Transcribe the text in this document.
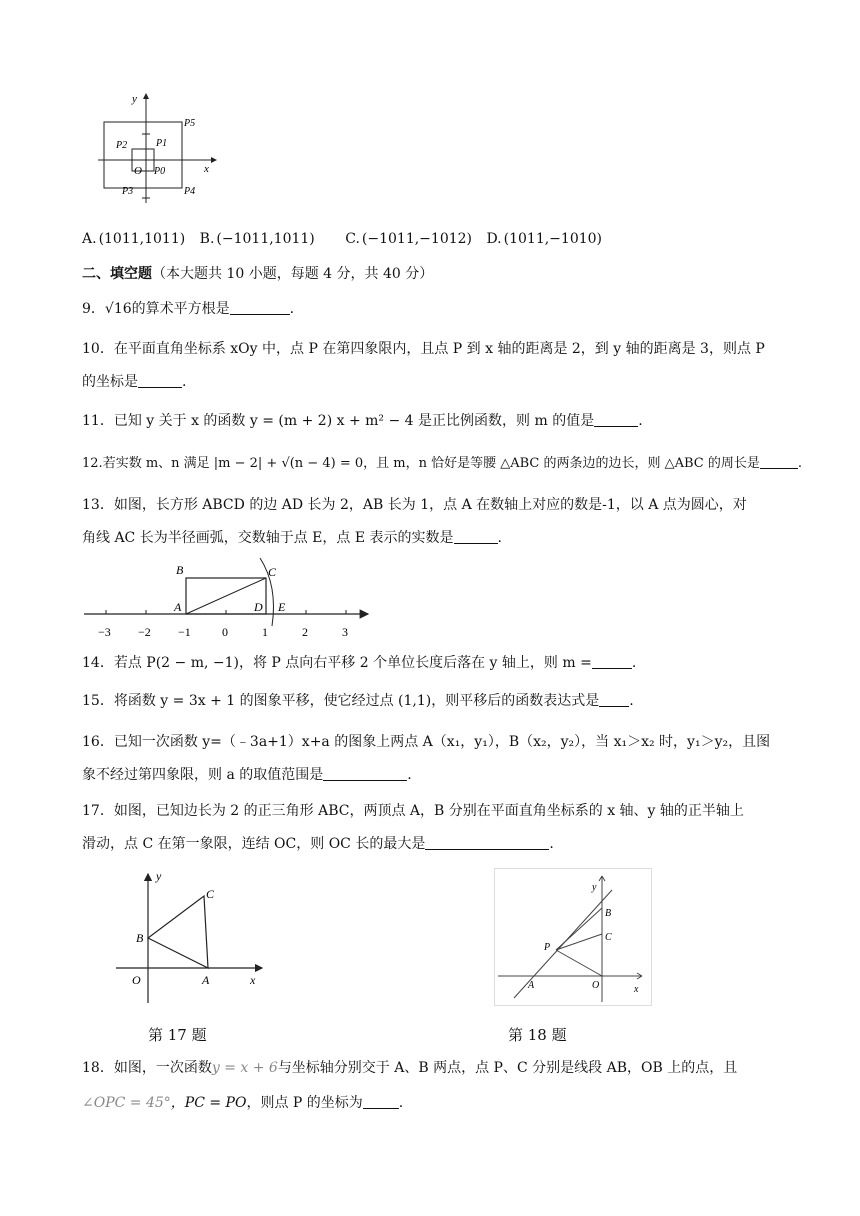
y
x
O P0
P1
P2
P3	P4
P5
A. (1011,1011) B. (−1011,1011) C. (−1011,−1012) D. (1011,−1010)
二、填空题（本大题共 10 小题，每题 4 分，共 40 分）
9．√16的算术平方根是	.
10．在平面直角坐标系 xOy 中，点 P 在第四象限内，且点 P 到 x 轴的距离是 2，到 y 轴的距离是 3，则点 P
的坐标是	.
11．已知 y 关于 x 的函数 y = (m + 2) x + m² − 4 是正比例函数，则 m 的值是	.
12.若实数 m、n 满足 |m − 2| + √(n − 4) = 0，且 m，n 恰好是等腰 △ABC 的两条边的边长，则 △ABC 的周长是	.
13．如图，长方形 ABCD 的边 AD 长为 2，AB 长为 1，点 A 在数轴上对应的数是-1，以 A 点为圆心，对
角线 AC 长为半径画弧，交数轴于点 E，点 E 表示的实数是	.
−3 −2 −1	0	1	2	3
A
B	C
D E
14．若点 P(2 − m, −1)，将 P 点向右平移 2 个单位长度后落在 y 轴上，则 m =	.
15．将函数 y = 3x + 1 的图象平移，使它经过点 (1,1)，则平移后的函数表达式是 .
16．已知一次函数 y=（﹣3a+1）x+a 的图象上两点 A（x₁，y₁），B（x₂，y₂），当 x₁＞x₂ 时，y₁＞y₂，且图
象不经过第四象限，则 a 的取值范围是	.
17．如图，已知边长为 2 的正三角形 ABC，两顶点 A，B 分别在平面直角坐标系的 x 轴、y 轴的正半轴上
滑动，点 C 在第一象限，连结 OC，则 OC 长的最大是	.
y
x
O	A
B
C	y
x
O
A
B
C
P
第 17 题	第 18 题
18．如图，一次函数y = x + 6与坐标轴分别交于 A、B 两点，点 P、C 分别是线段 AB，OB 上的点，且
∠OPC = 45°，PC = PO，则点 P 的坐标为	.
